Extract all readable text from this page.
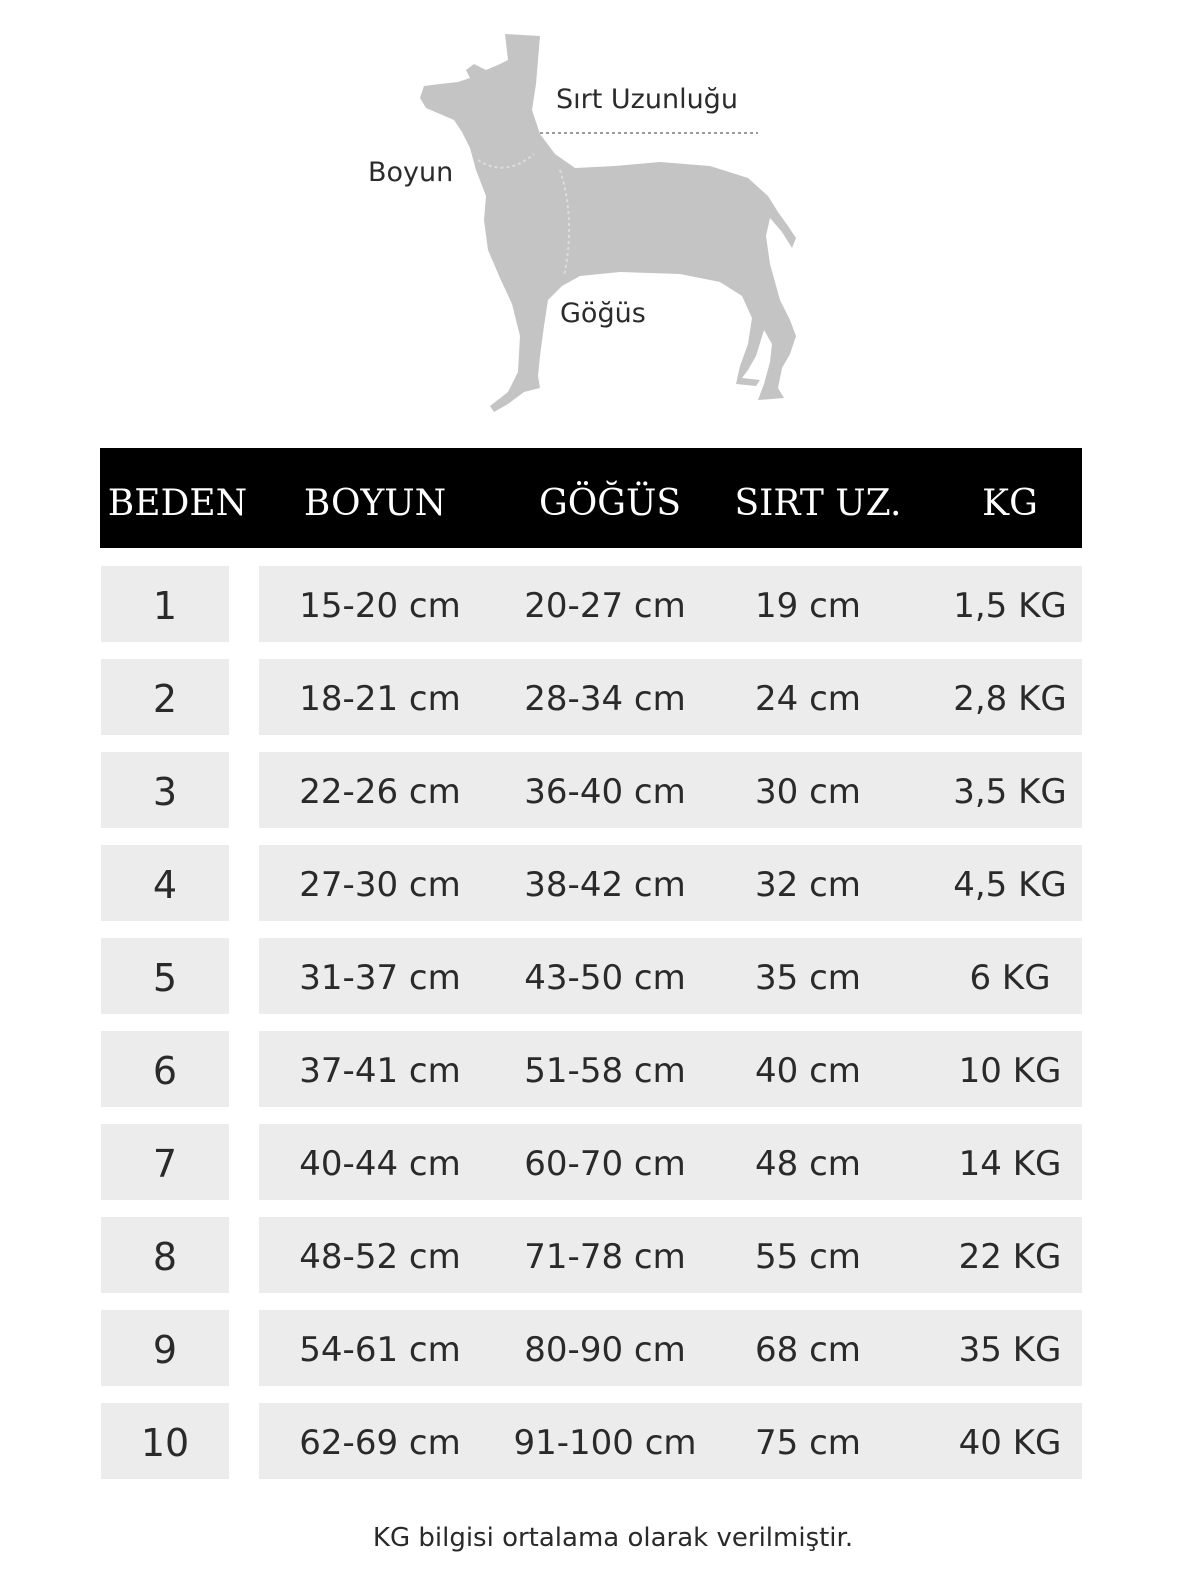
Sırt Uzunluğu
Boyun
Göğüs
BEDEN	BOYUN	GÖĞÜS	SIRT UZ.	KG
1	15-20 cm	20-27 cm	19 cm	1,5 KG
2	18-21 cm	28-34 cm	24 cm	2,8 KG
3	22-26 cm	36-40 cm	30 cm	3,5 KG
4	27-30 cm	38-42 cm	32 cm	4,5 KG
5	31-37 cm	43-50 cm	35 cm	6 KG
6	37-41 cm	51-58 cm	40 cm	10 KG
7	40-44 cm	60-70 cm	48 cm	14 KG
8	48-52 cm	71-78 cm	55 cm	22 KG
9	54-61 cm	80-90 cm	68 cm	35 KG
10	62-69 cm	91-100 cm	75 cm	40 KG
KG bilgisi ortalama olarak verilmiştir.
